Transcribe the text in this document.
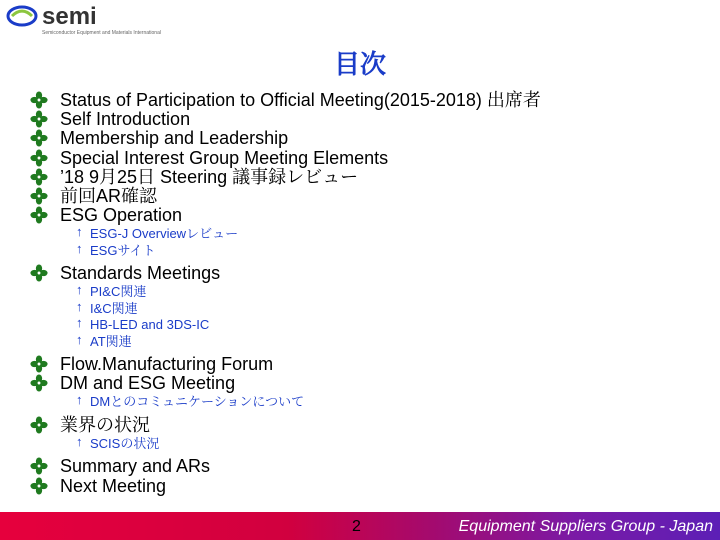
semi
Semiconductor Equipment and Materials International
目次
Status of Participation to Official Meeting(2015-2018) 出席者
Self Introduction
Membership and Leadership
Special Interest Group Meeting Elements
’18 9月25日 Steering 議事録レビュー
前回AR確認
ESG Operation
↑ ESG-J Overviewレビュー
↑ ESGサイト
Standards Meetings
↑ PI&C関連
↑ I&C関連
↑ HB-LED and 3DS-IC
↑ AT関連
Flow.Manufacturing Forum
DM and ESG Meeting
↑ DMとのコミュニケーションについて
業界の状況
↑ SCISの状況
Summary and ARs
Next Meeting
2	Equipment Suppliers Group - Japan
